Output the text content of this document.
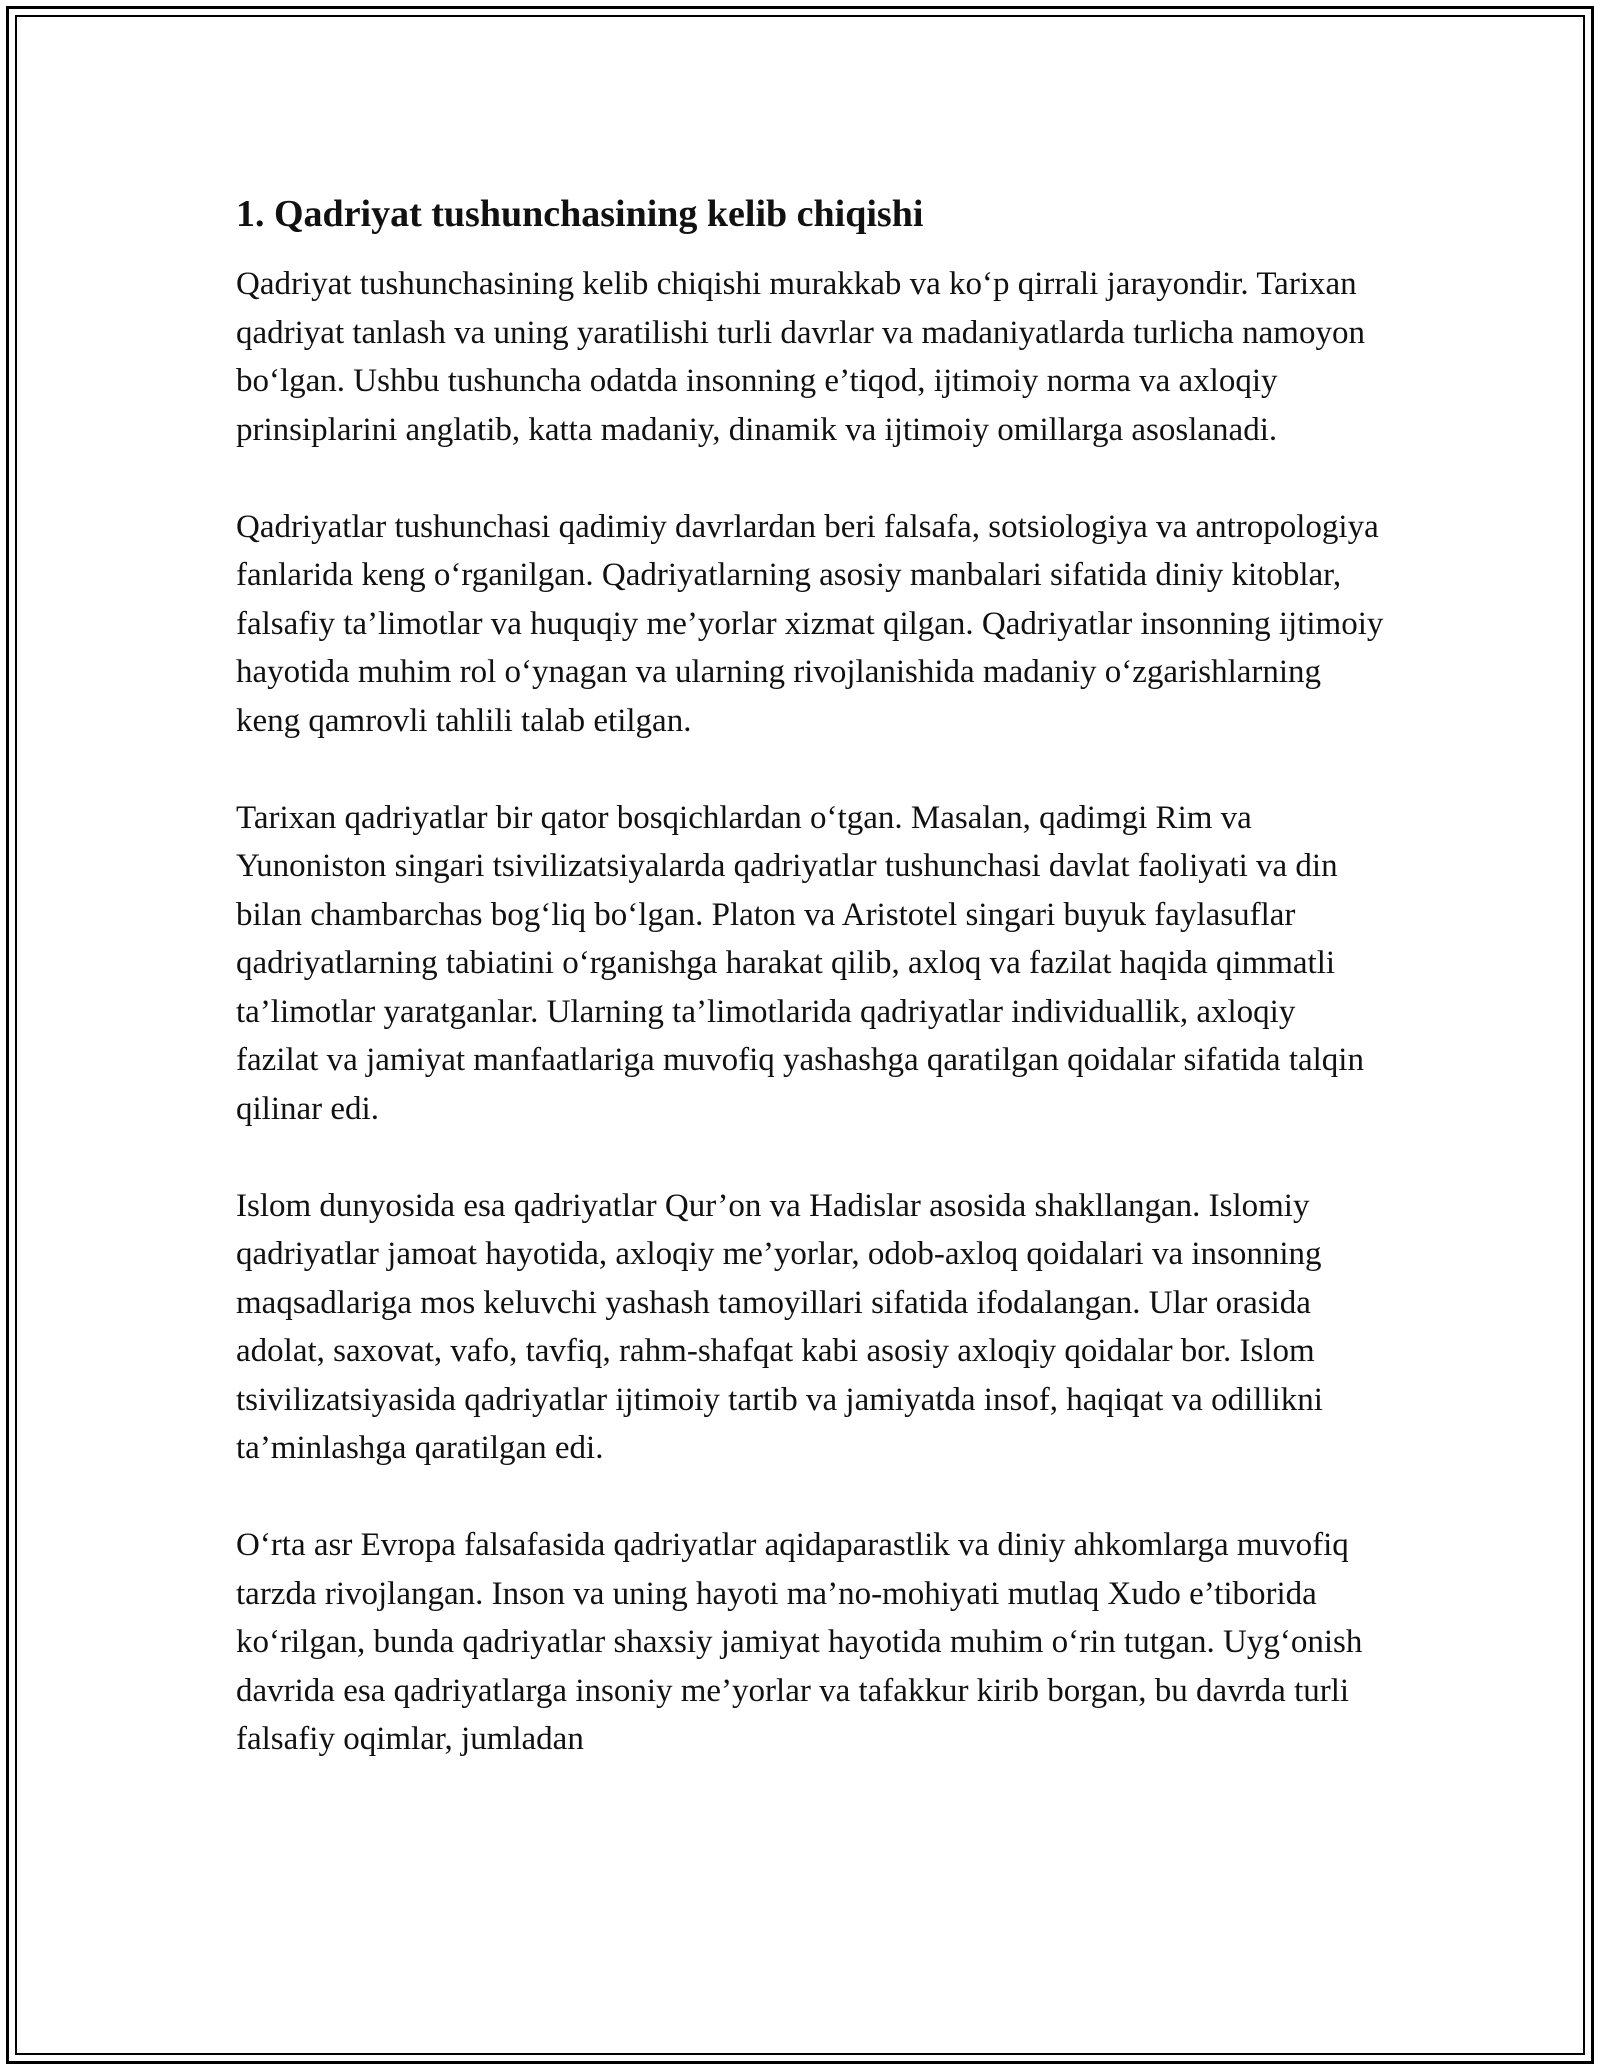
1. Qadriyat tushunchasining kelib chiqishi

Qadriyat tushunchasining kelib chiqishi murakkab va ko‘p qirrali jarayondir. Tarixan qadriyat tanlash va uning yaratilishi turli davrlar va madaniyatlarda turlicha namoyon bo‘lgan. Ushbu tushuncha odatda insonning e’tiqod, ijtimoiy norma va axloqiy prinsiplarini anglatib, katta madaniy, dinamik va ijtimoiy omillarga asoslanadi.

Qadriyatlar tushunchasi qadimiy davrlardan beri falsafa, sotsiologiya va antropologiya fanlarida keng o‘rganilgan. Qadriyatlarning asosiy manbalari sifatida diniy kitoblar, falsafiy ta’limotlar va huquqiy me’yorlar xizmat qilgan. Qadriyatlar insonning ijtimoiy hayotida muhim rol o‘ynagan va ularning rivojlanishida madaniy o‘zgarishlarning keng qamrovli tahlili talab etilgan.

Tarixan qadriyatlar bir qator bosqichlardan o‘tgan. Masalan, qadimgi Rim va Yunoniston singari tsivilizatsiyalarda qadriyatlar tushunchasi davlat faoliyati va din bilan chambarchas bog‘liq bo‘lgan. Platon va Aristotel singari buyuk faylasuflar qadriyatlarning tabiatini o‘rganishga harakat qilib, axloq va fazilat haqida qimmatli ta’limotlar yaratganlar. Ularning ta’limotlarida qadriyatlar individuallik, axloqiy fazilat va jamiyat manfaatlariga muvofiq yashashga qaratilgan qoidalar sifatida talqin qilinar edi.

Islom dunyosida esa qadriyatlar Qur’on va Hadislar asosida shakllangan. Islomiy qadriyatlar jamoat hayotida, axloqiy me’yorlar, odob-axloq qoidalari va insonning maqsadlariga mos keluvchi yashash tamoyillari sifatida ifodalangan. Ular orasida adolat, saxovat, vafo, tavfiq, rahm-shafqat kabi asosiy axloqiy qoidalar bor. Islom tsivilizatsiyasida qadriyatlar ijtimoiy tartib va jamiyatda insof, haqiqat va odillikni ta’minlashga qaratilgan edi.

O‘rta asr Evropa falsafasida qadriyatlar aqidaparastlik va diniy ahkomlarga muvofiq tarzda rivojlangan. Inson va uning hayoti ma’no-mohiyati mutlaq Xudo e’tiborida ko‘rilgan, bunda qadriyatlar shaxsiy jamiyat hayotida muhim o‘rin tutgan. Uyg‘onish davrida esa qadriyatlarga insoniy me’yorlar va tafakkur kirib borgan, bu davrda turli falsafiy oqimlar, jumladan
